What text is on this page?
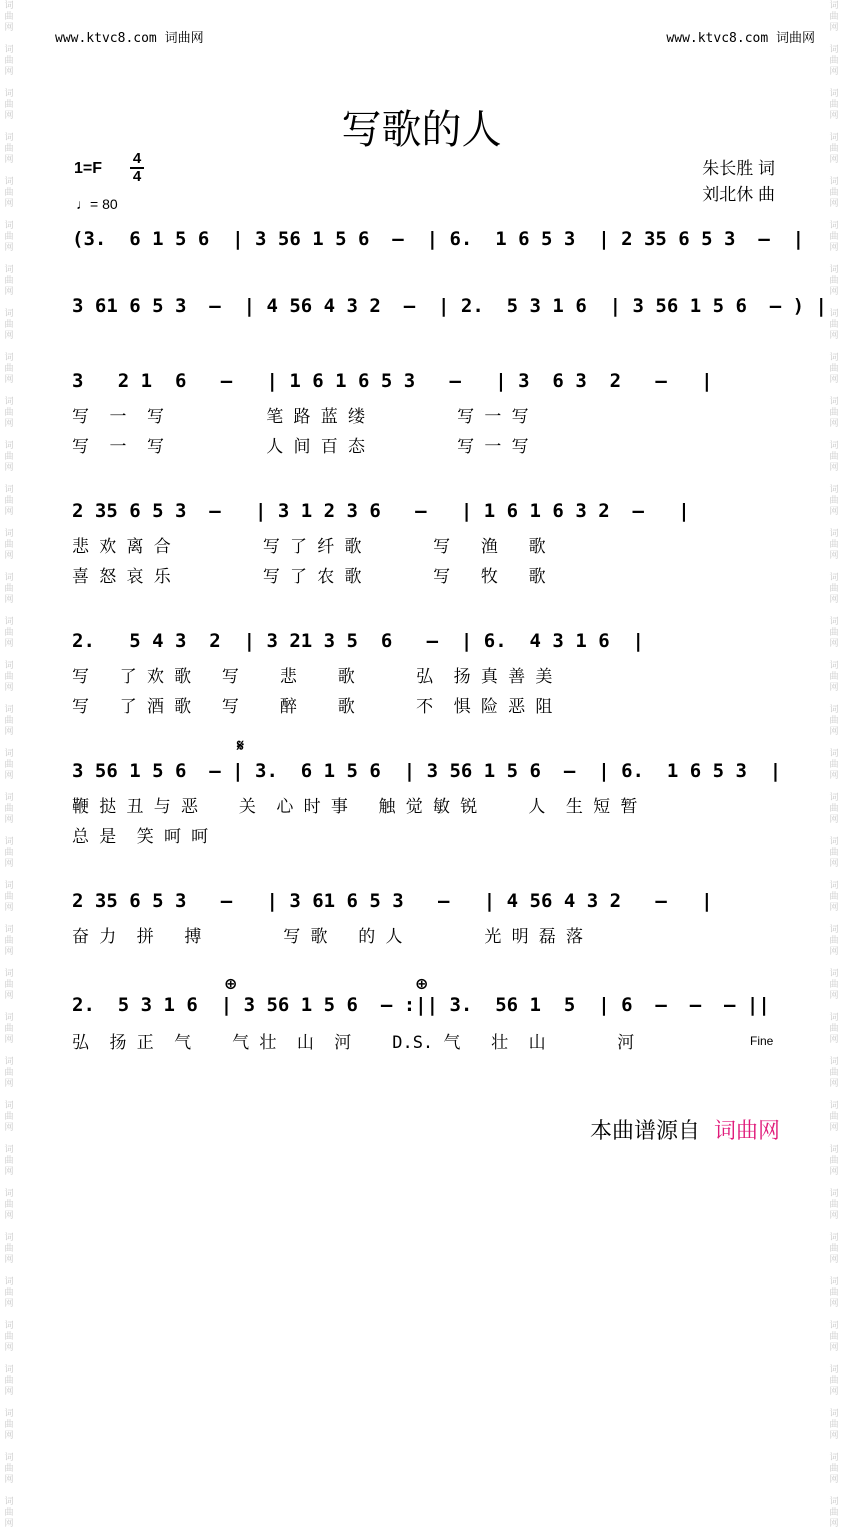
词
曲
网

词
曲
网

词
曲
网

词
曲
网

词
曲
网

词
曲
网

词
曲
网

词
曲
网

词
曲
网

词
曲
网

词
曲
网

词
曲
网

词
曲
网

词
曲
网

词
曲
网

词
曲
网

词
曲
网

词
曲
网

词
曲
网

词
曲
网

词
曲
网

词
曲
网

词
曲
网

词
曲
网

词
曲
网

词
曲
网

词
曲
网

词
曲
网

词
曲
网

词
曲
网

词
曲
网

词
曲
网

词
曲
网

词
曲
网

词
曲
网
词
曲
网

词
曲
网

词
曲
网

词
曲
网

词
曲
网

词
曲
网

词
曲
网

词
曲
网

词
曲
网

词
曲
网

词
曲
网

词
曲
网

词
曲
网

词
曲
网

词
曲
网

词
曲
网

词
曲
网

词
曲
网

词
曲
网

词
曲
网

词
曲
网

词
曲
网

词
曲
网

词
曲
网

词
曲
网

词
曲
网

词
曲
网

词
曲
网

词
曲
网

词
曲
网

词
曲
网

词
曲
网

词
曲
网

词
曲
网

词
曲
网
www.ktvc8.com 词曲网	www.ktvc8.com 词曲网
写歌的人
1=F
4
4
♩= 80
朱长胜 词
刘北休 曲
(3.  6 1 5 6  | 3 56 1 5 6  –  | 6.  1 6 5 3  | 2 35 6 5 3  –  |
3 61 6 5 3  –  | 4 56 4 3 2  –  | 2.  5 3 1 6  | 3 56 1 5 6  – ) |
3   2 1  6   –   | 1 6 1 6 5 3   –   | 3  6 3  2   –   |
写  一  写          笔 路 蓝 缕         写 一 写
写  一  写          人 间 百 态         写 一 写
2 35 6 5 3  –   | 3 1 2 3 6   –   | 1 6 1 6 3 2  –   |
悲 欢 离 合         写 了 纤 歌       写   渔   歌
喜 怒 哀 乐         写 了 农 歌       写   牧   歌
2.   5 4 3  2  | 3 21 3 5  6   –  | 6.  4 3 1 6  |
写   了 欢 歌   写    悲    歌      弘  扬 真 善 美
写   了 酒 歌   写    醉    歌      不  惧 险 恶 阻
𝄋
3 56 1 5 6  – | 3.  6 1 5 6  | 3 56 1 5 6  –  | 6.  1 6 5 3  |
鞭 挞 丑 与 恶    关  心 时 事   触 觉 敏 锐     人  生 短 暂
总 是  笑 呵 呵
2 35 6 5 3   –   | 3 61 6 5 3   –   | 4 56 4 3 2   –   |
奋 力  拼   搏        写 歌   的 人        光 明 磊 落
⊕	⊕
2.  5 3 1 6  | 3 56 1 5 6  – :|| 3.  56 1  5  | 6  –  –  – ||
弘  扬 正  气    气 壮  山  河    D.S. 气   壮  山       河	Fine
本曲谱源自 词曲网
